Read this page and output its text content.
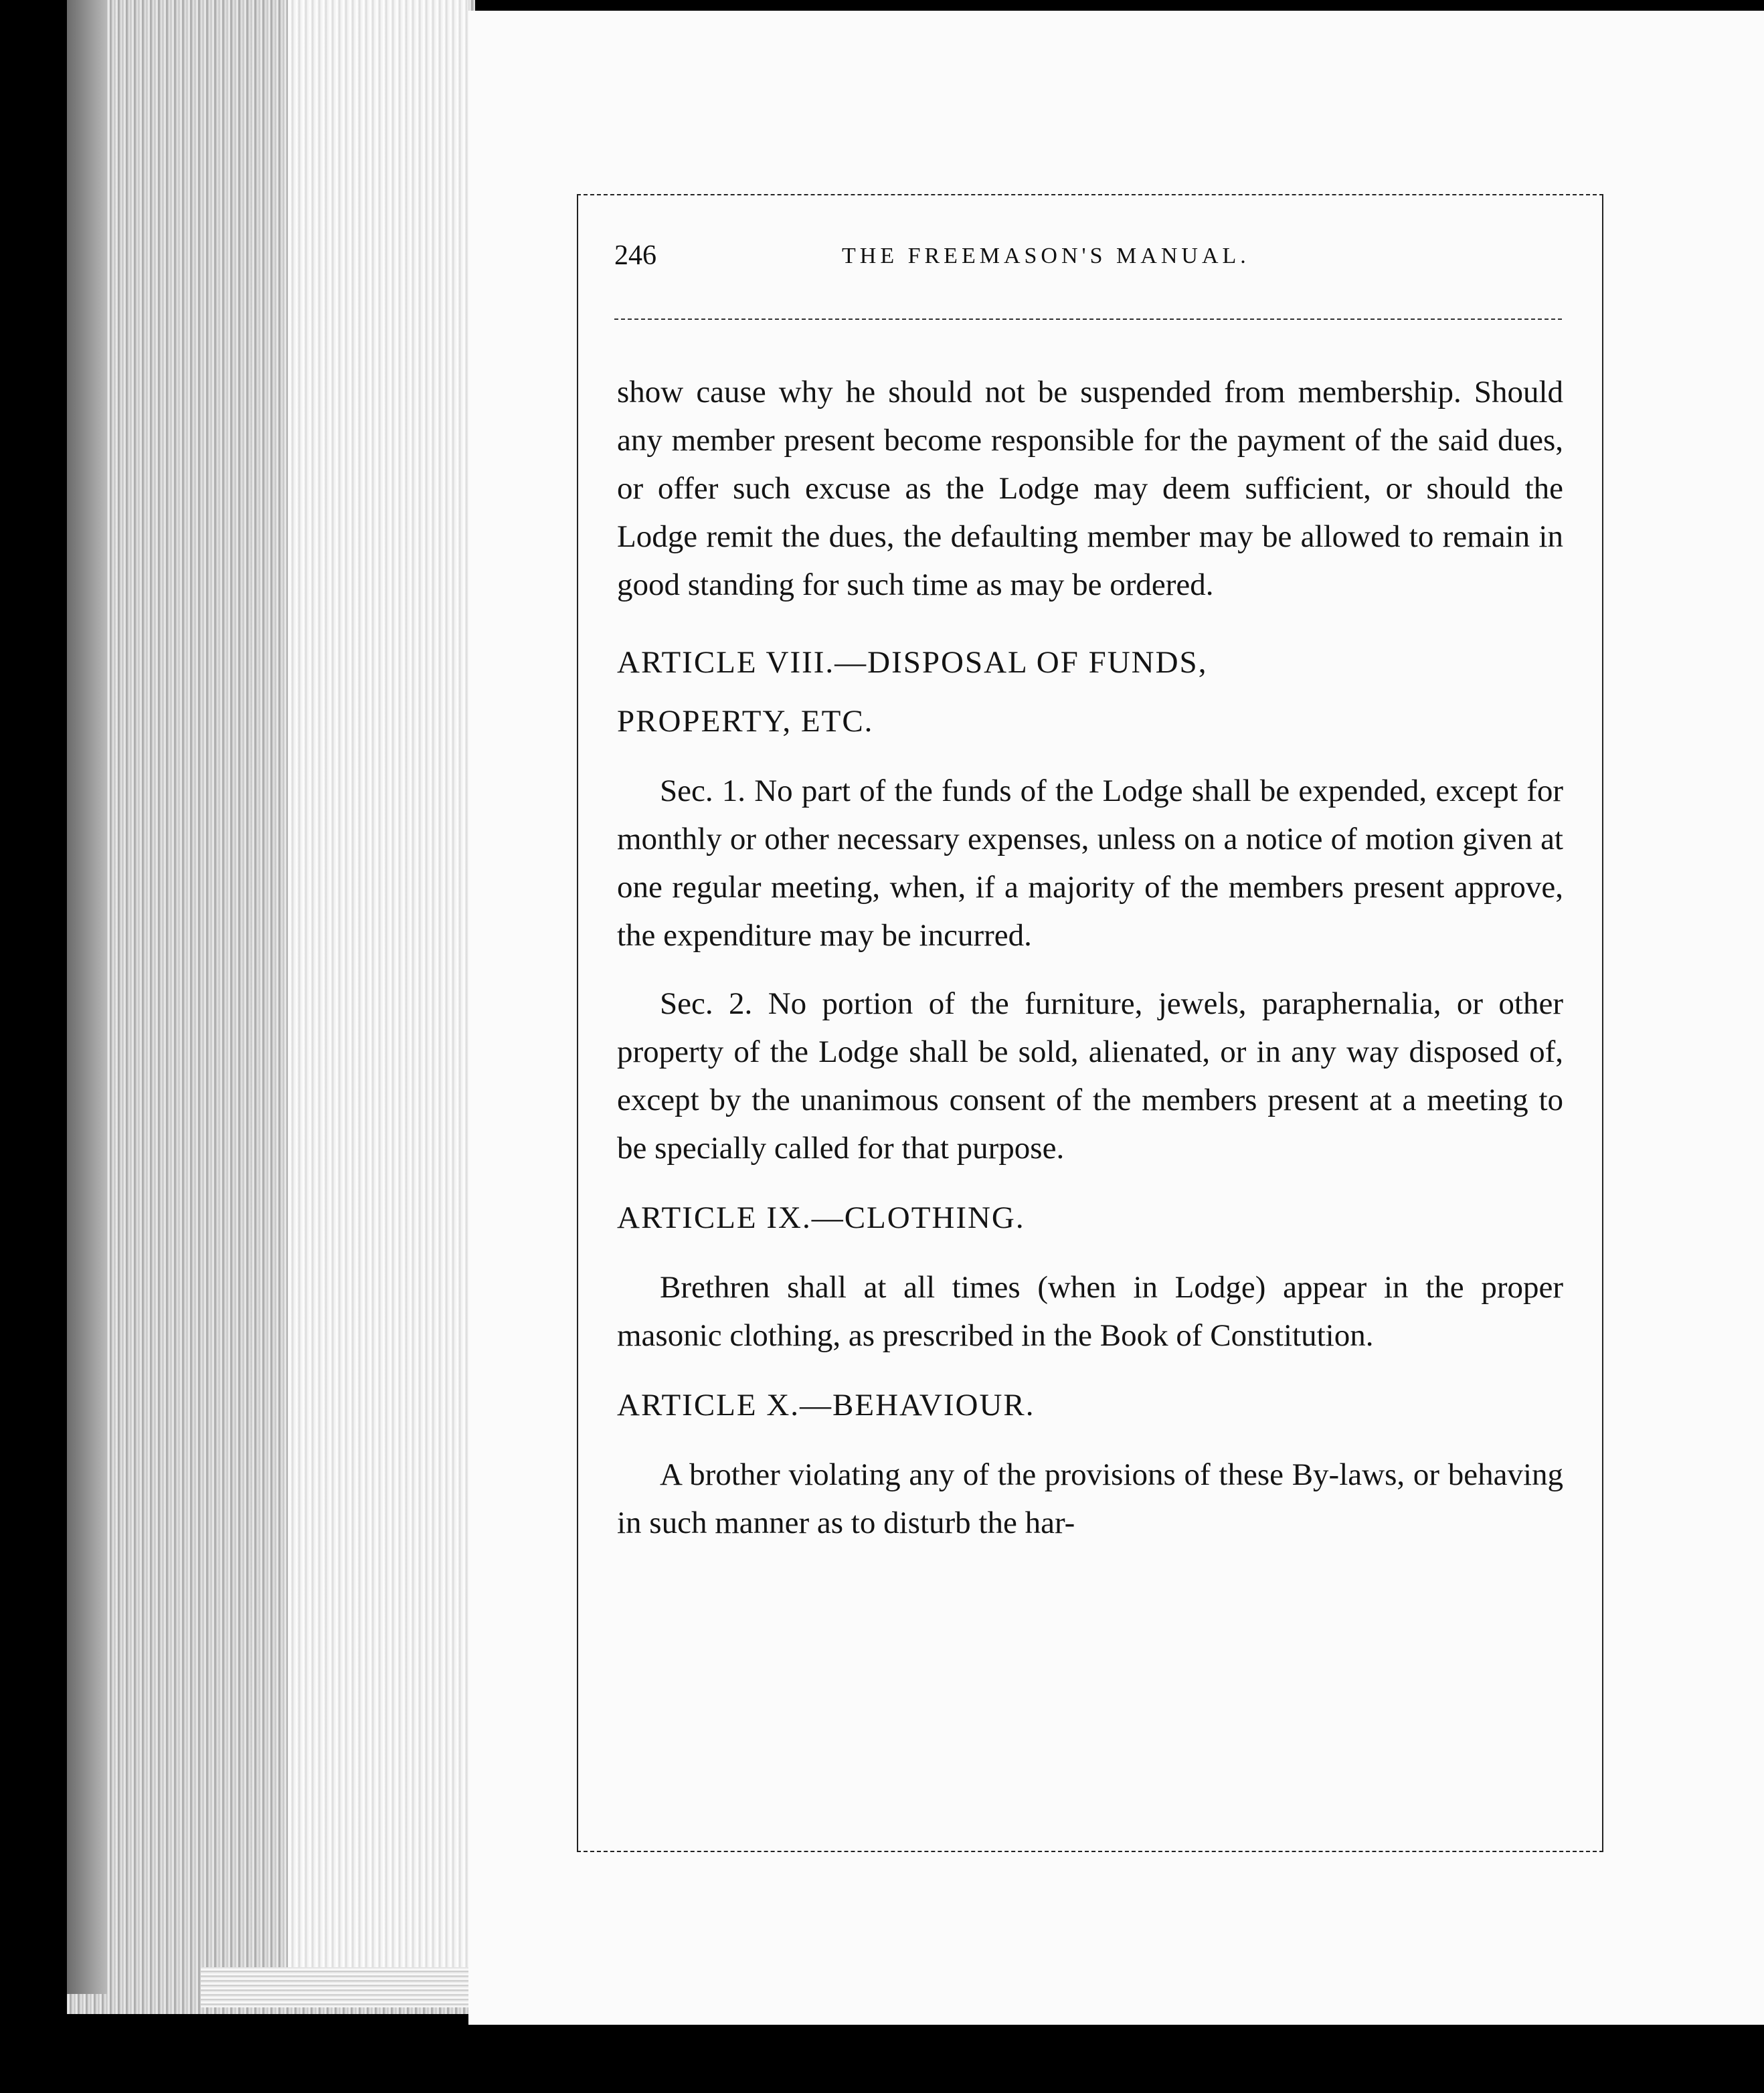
246	THE FREEMASON'S MANUAL.

show cause why he should not be suspended from membership. Should any member present become responsible for the payment of the said dues, or offer such excuse as the Lodge may deem sufficient, or should the Lodge remit the dues, the defaulting member may be allowed to remain in good standing for such time as may be ordered.

ARTICLE VIII.—DISPOSAL OF FUNDS,

PROPERTY, ETC.

Sec. 1. No part of the funds of the Lodge shall be expended, except for monthly or other necessary expenses, unless on a notice of motion given at one regular meeting, when, if a majority of the members present approve, the expenditure may be incurred.

Sec. 2. No portion of the furniture, jewels, paraphernalia, or other property of the Lodge shall be sold, alienated, or in any way disposed of, except by the unanimous consent of the members present at a meeting to be specially called for that purpose.

ARTICLE IX.—CLOTHING.

Brethren shall at all times (when in Lodge) appear in the proper masonic clothing, as prescribed in the Book of Constitution.

ARTICLE X.—BEHAVIOUR.

A brother violating any of the provisions of these By-laws, or behaving in such manner as to disturb the har-
